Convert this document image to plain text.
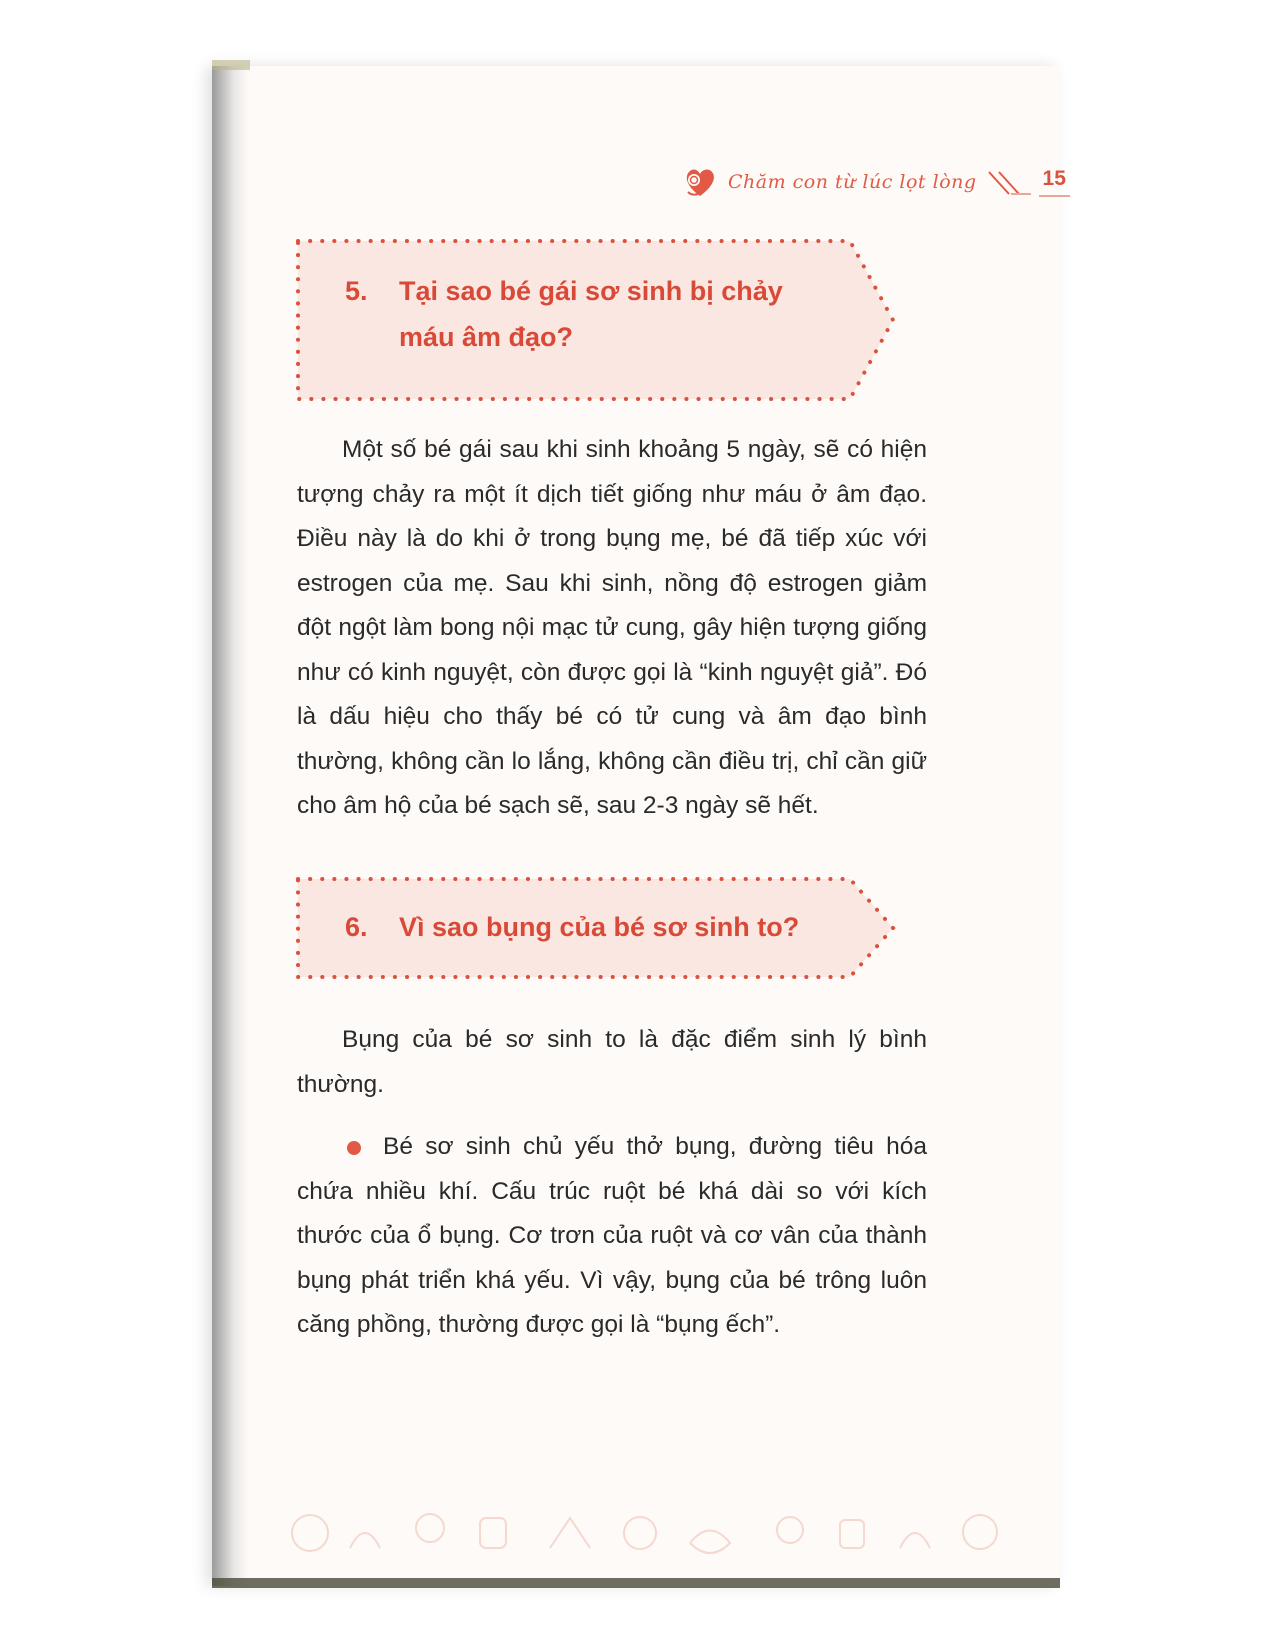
Chăm con từ lúc lọt lòng	15
5.	Tại sao bé gái sơ sinh bị chảy máu âm đạo?

Một số bé gái sau khi sinh khoảng 5 ngày, sẽ có hiện tượng chảy ra một ít dịch tiết giống như máu ở âm đạo. Điều này là do khi ở trong bụng mẹ, bé đã tiếp xúc với estrogen của mẹ. Sau khi sinh, nồng độ estrogen giảm đột ngột làm bong nội mạc tử cung, gây hiện tượng giống như có kinh nguyệt, còn được gọi là “kinh nguyệt giả”. Đó là dấu hiệu cho thấy bé có tử cung và âm đạo bình thường, không cần lo lắng, không cần điều trị, chỉ cần giữ cho âm hộ của bé sạch sẽ, sau 2-3 ngày sẽ hết.

6.	Vì sao bụng của bé sơ sinh to?

Bụng của bé sơ sinh to là đặc điểm sinh lý bình thường.

Bé sơ sinh chủ yếu thở bụng, đường tiêu hóa chứa nhiều khí. Cấu trúc ruột bé khá dài so với kích thước của ổ bụng. Cơ trơn của ruột và cơ vân của thành bụng phát triển khá yếu. Vì vậy, bụng của bé trông luôn căng phồng, thường được gọi là “bụng ếch”.
